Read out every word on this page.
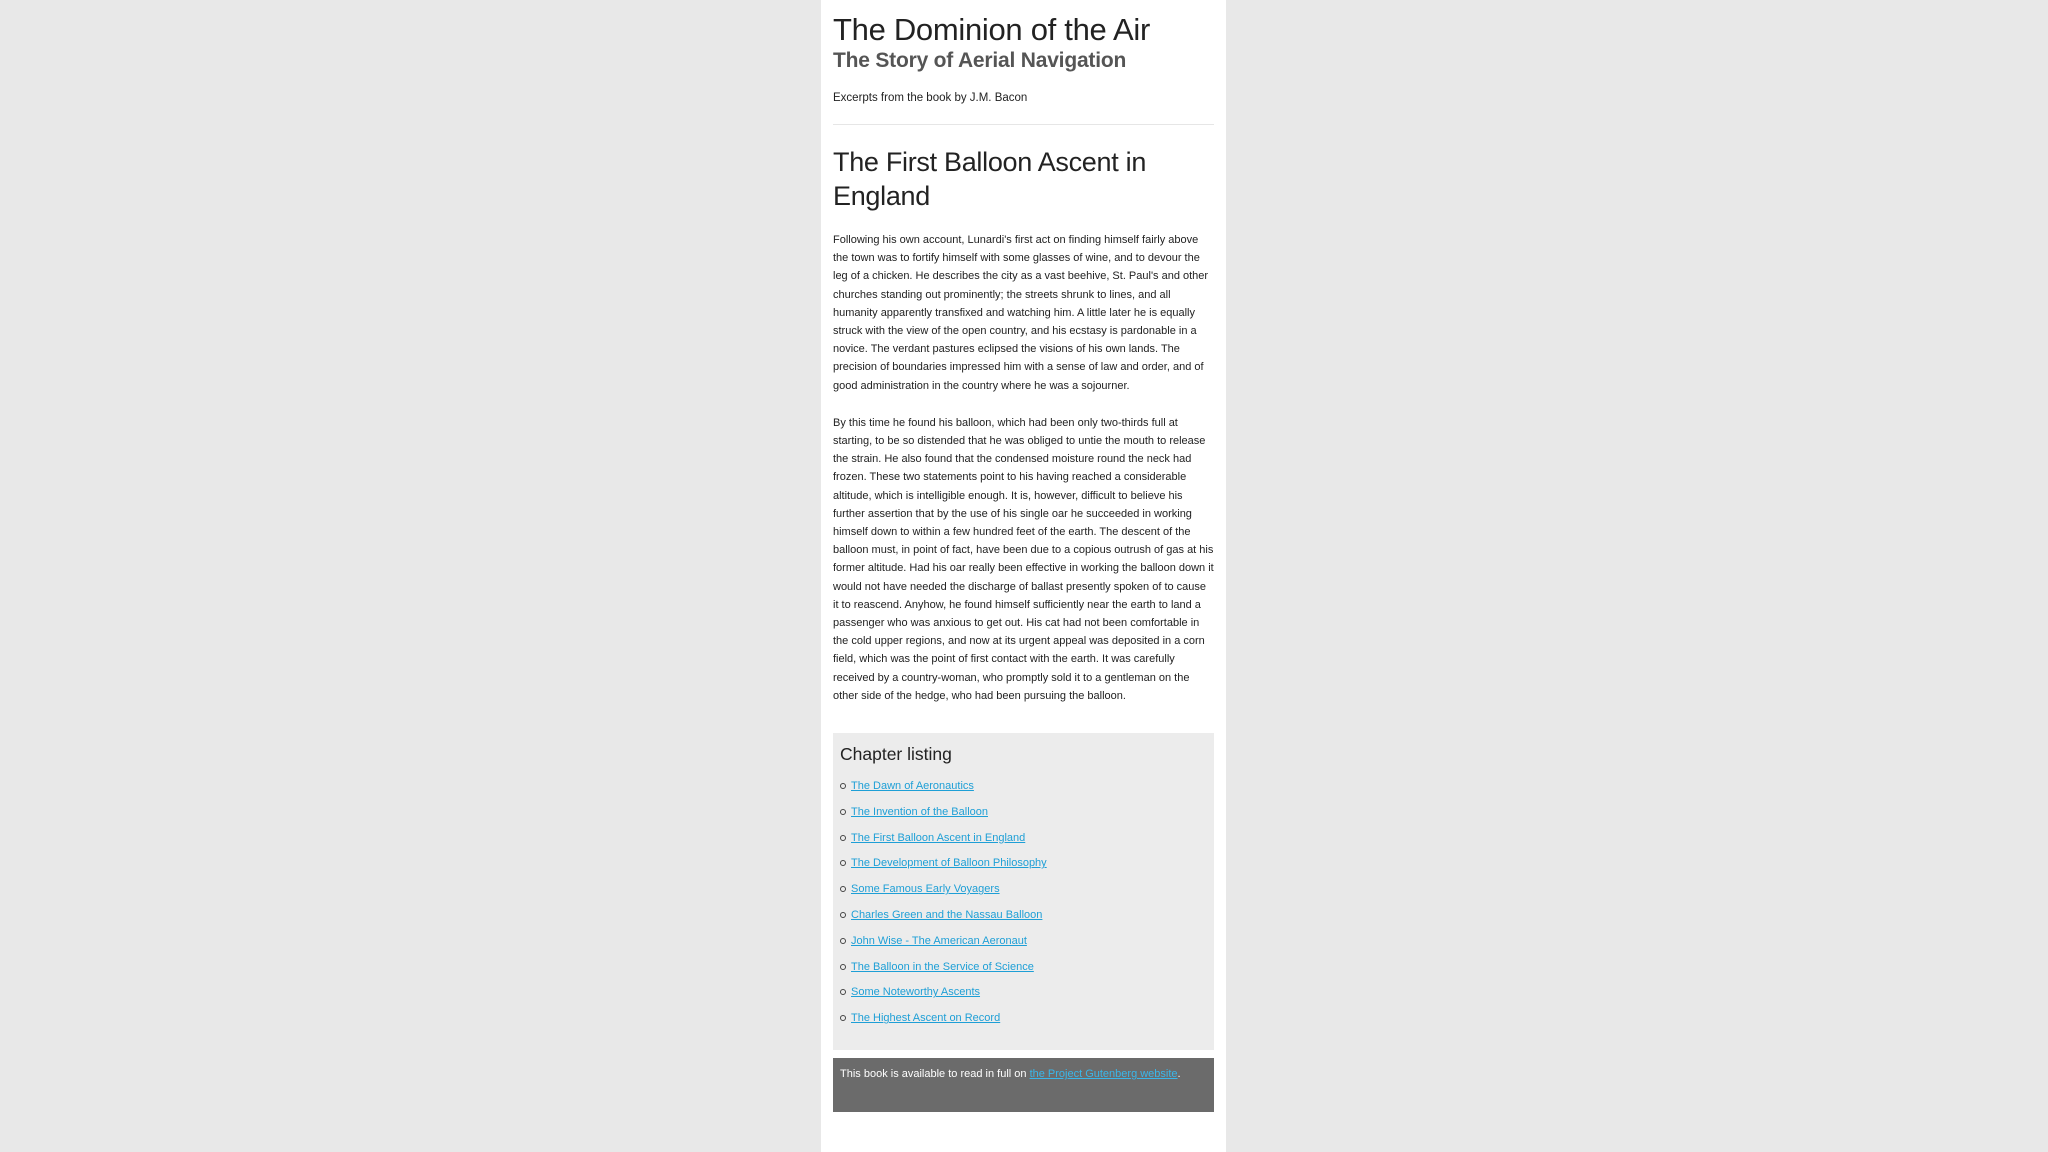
The Dominion of the Air
The Story of Aerial Navigation

Excerpts from the book by J.M. Bacon

The First Balloon Ascent in England

Following his own account, Lunardi's first act on finding himself fairly above the town was to fortify himself with some glasses of wine, and to devour the leg of a chicken. He describes the city as a vast beehive, St. Paul's and other churches standing out prominently; the streets shrunk to lines, and all humanity apparently transfixed and watching him. A little later he is equally struck with the view of the open country, and his ecstasy is pardonable in a novice. The verdant pastures eclipsed the visions of his own lands. The precision of boundaries impressed him with a sense of law and order, and of good administration in the country where he was a sojourner.

By this time he found his balloon, which had been only two-thirds full at starting, to be so distended that he was obliged to untie the mouth to release the strain. He also found that the condensed moisture round the neck had frozen. These two statements point to his having reached a considerable altitude, which is intelligible enough. It is, however, difficult to believe his further assertion that by the use of his single oar he succeeded in working himself down to within a few hundred feet of the earth. The descent of the balloon must, in point of fact, have been due to a copious outrush of gas at his former altitude. Had his oar really been effective in working the balloon down it would not have needed the discharge of ballast presently spoken of to cause it to reascend. Anyhow, he found himself sufficiently near the earth to land a passenger who was anxious to get out. His cat had not been comfortable in the cold upper regions, and now at its urgent appeal was deposited in a corn field, which was the point of first contact with the earth. It was carefully received by a country-woman, who promptly sold it to a gentleman on the other side of the hedge, who had been pursuing the balloon.

Chapter listing
The Dawn of Aeronautics
The Invention of the Balloon
The First Balloon Ascent in England
The Development of Balloon Philosophy
Some Famous Early Voyagers
Charles Green and the Nassau Balloon
John Wise - The American Aeronaut
The Balloon in the Service of Science
Some Noteworthy Ascents
The Highest Ascent on Record
This book is available to read in full on the Project Gutenberg website.
